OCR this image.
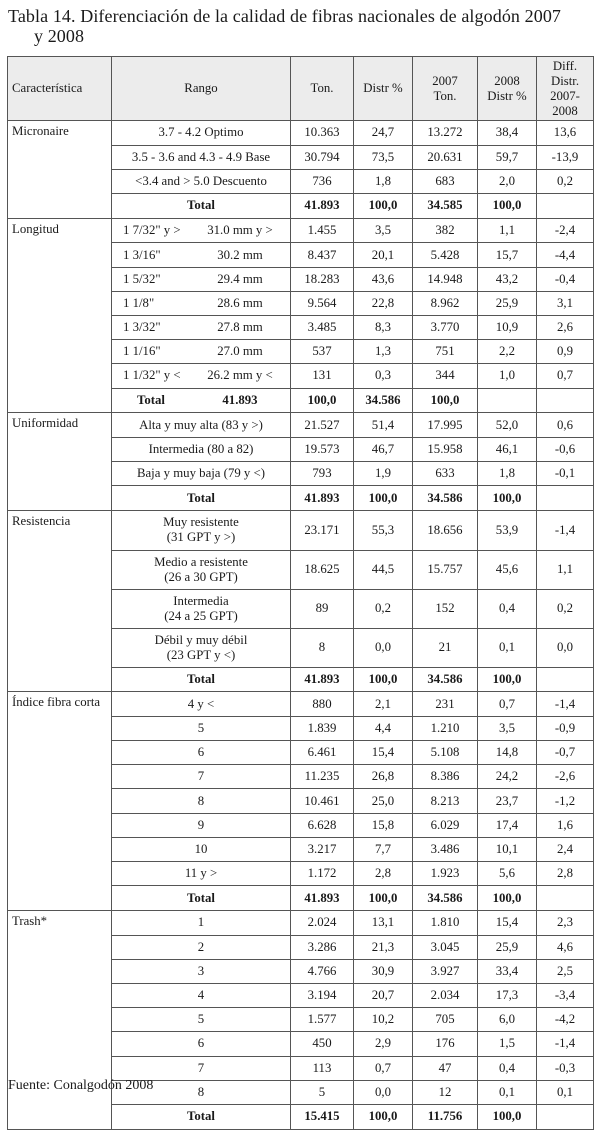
Tabla 14. Diferenciación de la calidad de fibras nacionales de algodón 2007
y 2008
Característica	Rango	Ton.	Distr %	2007
Ton.	2008
Distr %	Diff.
Distr.
2007-
2008
Micronaire	3.7 - 4.2 Optimo	10.363	24,7	13.272	38,4	13,6
	3.5 - 3.6 and 4.3 - 4.9 Base	30.794	73,5	20.631	59,7	-13,9
	<3.4 and > 5.0 Descuento	736	1,8	683	2,0	0,2
	Total	41.893	100,0	34.585	100,0	
Longitud	1 7/32" y > 31.0 mm y >	1.455	3,5	382	1,1	-2,4
	1 3/16" 30.2 mm	8.437	20,1	5.428	15,7	-4,4
	1 5/32" 29.4 mm	18.283	43,6	14.948	43,2	-0,4
	1 1/8" 28.6 mm	9.564	22,8	8.962	25,9	3,1
	1 3/32" 27.8 mm	3.485	8,3	3.770	10,9	2,6
	1 1/16" 27.0 mm	537	1,3	751	2,2	0,9
	1 1/32" y < 26.2 mm y <	131	0,3	344	1,0	0,7
	Total 41.893	100,0	34.586	100,0		
Uniformidad	Alta y muy alta (83 y >)	21.527	51,4	17.995	52,0	0,6
	Intermedia (80 a 82)	19.573	46,7	15.958	46,1	-0,6
	Baja y muy baja (79 y <)	793	1,9	633	1,8	-0,1
	Total	41.893	100,0	34.586	100,0	
Resistencia	Muy resistente
(31 GPT y >)	23.171	55,3	18.656	53,9	-1,4

	Medio a resistente
(26 a 30 GPT)	18.625	44,5	15.757	45,6	1,1

	Intermedia
(24 a 25 GPT)	89	0,2	152	0,4	0,2

	Débil y muy débil
(23 GPT y <)	8	0,0	21	0,1	0,0
	Total	41.893	100,0	34.586	100,0	
Índice fibra corta	4 y <	880	2,1	231	0,7	-1,4
	5	1.839	4,4	1.210	3,5	-0,9
	6	6.461	15,4	5.108	14,8	-0,7
	7	11.235	26,8	8.386	24,2	-2,6
	8	10.461	25,0	8.213	23,7	-1,2
	9	6.628	15,8	6.029	17,4	1,6
	10	3.217	7,7	3.486	10,1	2,4
	11 y >	1.172	2,8	1.923	5,6	2,8
	Total	41.893	100,0	34.586	100,0	
Trash*	1	2.024	13,1	1.810	15,4	2,3
	2	3.286	21,3	3.045	25,9	4,6
	3	4.766	30,9	3.927	33,4	2,5
	4	3.194	20,7	2.034	17,3	-3,4
	5	1.577	10,2	705	6,0	-4,2
	6	450	2,9	176	1,5	-1,4
	7	113	0,7	47	0,4	-0,3
	8	5	0,0	12	0,1	0,1
	Total	15.415	100,0	11.756	100,0	
Fuente: Conalgodón 2008
